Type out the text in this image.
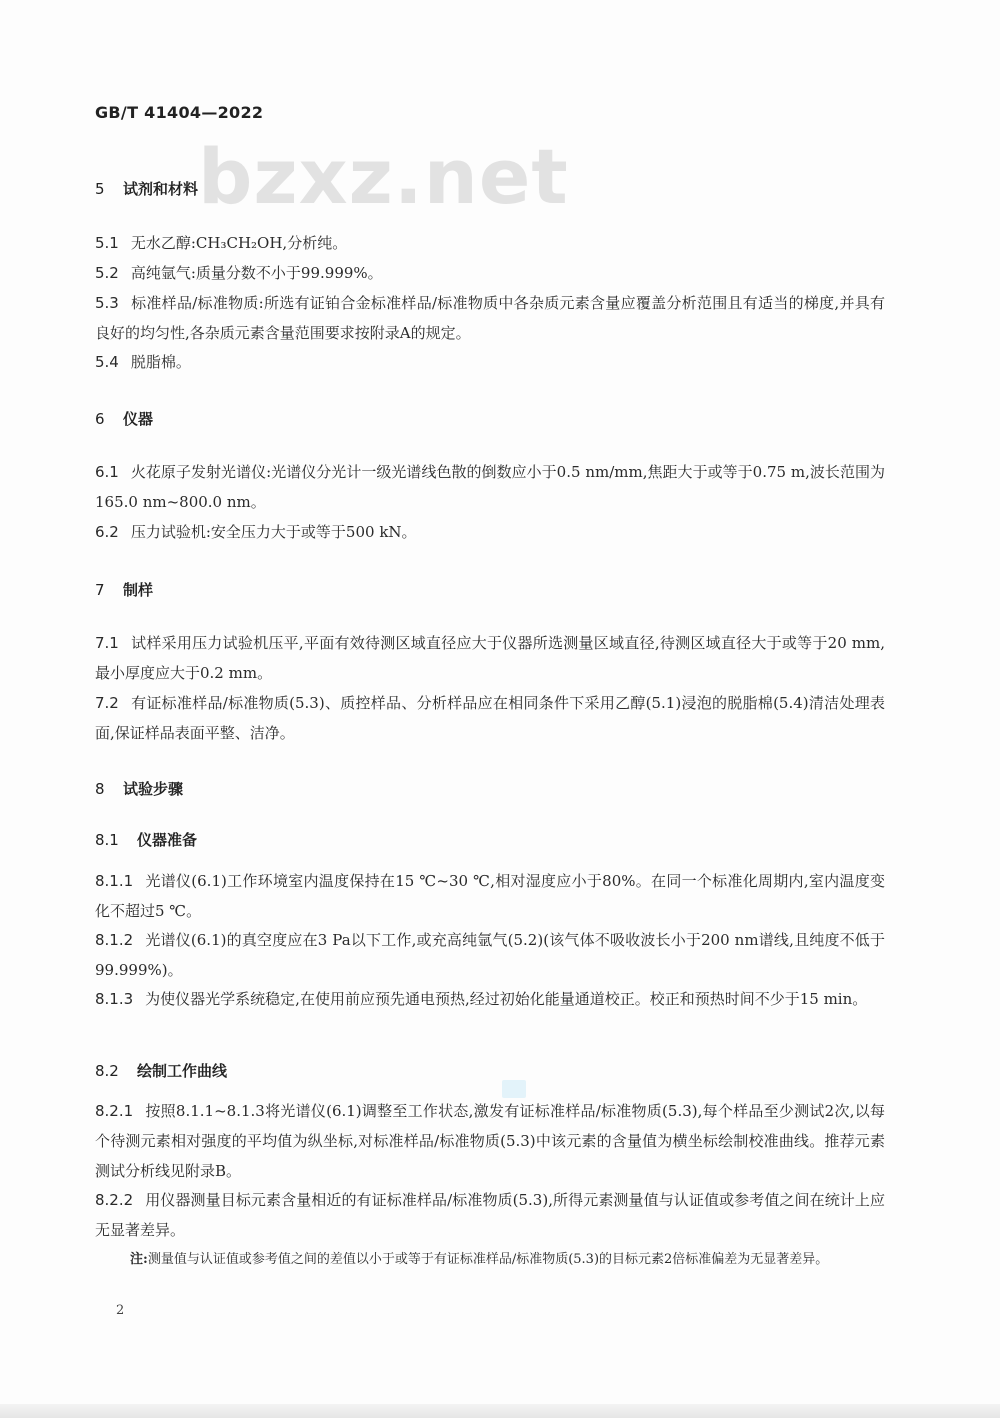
GB/T 41404—2022
bzxz.net
5 试剂和材料
5.1 无水乙醇:CH₃CH₂OH,分析纯。
5.2 高纯氩气:质量分数不小于99.999%。
5.3 标准样品/标准物质:所选有证铂合金标准样品/标准物质中各杂质元素含量应覆盖分析范围且有适当的梯度,并具有良好的均匀性,各杂质元素含量范围要求按附录A的规定。
5.4 脱脂棉。
6 仪器
6.1 火花原子发射光谱仪:光谱仪分光计一级光谱线色散的倒数应小于0.5 nm/mm,焦距大于或等于0.75 m,波长范围为165.0 nm~800.0 nm。
6.2 压力试验机:安全压力大于或等于500 kN。
7 制样
7.1 试样采用压力试验机压平,平面有效待测区域直径应大于仪器所选测量区域直径,待测区域直径大于或等于20 mm,最小厚度应大于0.2 mm。
7.2 有证标准样品/标准物质(5.3)、质控样品、分析样品应在相同条件下采用乙醇(5.1)浸泡的脱脂棉(5.4)清洁处理表面,保证样品表面平整、洁净。
8 试验步骤
8.1 仪器准备
8.1.1 光谱仪(6.1)工作环境室内温度保持在15 ℃~30 ℃,相对湿度应小于80%。在同一个标准化周期内,室内温度变化不超过5 ℃。
8.1.2 光谱仪(6.1)的真空度应在3 Pa以下工作,或充高纯氩气(5.2)(该气体不吸收波长小于200 nm谱线,且纯度不低于99.999%)。
8.1.3 为使仪器光学系统稳定,在使用前应预先通电预热,经过初始化能量通道校正。校正和预热时间不少于15 min。
8.2 绘制工作曲线
8.2.1 按照8.1.1~8.1.3将光谱仪(6.1)调整至工作状态,激发有证标准样品/标准物质(5.3),每个样品至少测试2次,以每个待测元素相对强度的平均值为纵坐标,对标准样品/标准物质(5.3)中该元素的含量值为横坐标绘制校准曲线。推荐元素测试分析线见附录B。
8.2.2 用仪器测量目标元素含量相近的有证标准样品/标准物质(5.3),所得元素测量值与认证值或参考值之间在统计上应无显著差异。
注:测量值与认证值或参考值之间的差值以小于或等于有证标准样品/标准物质(5.3)的目标元素2倍标准偏差为无显著差异。
2
